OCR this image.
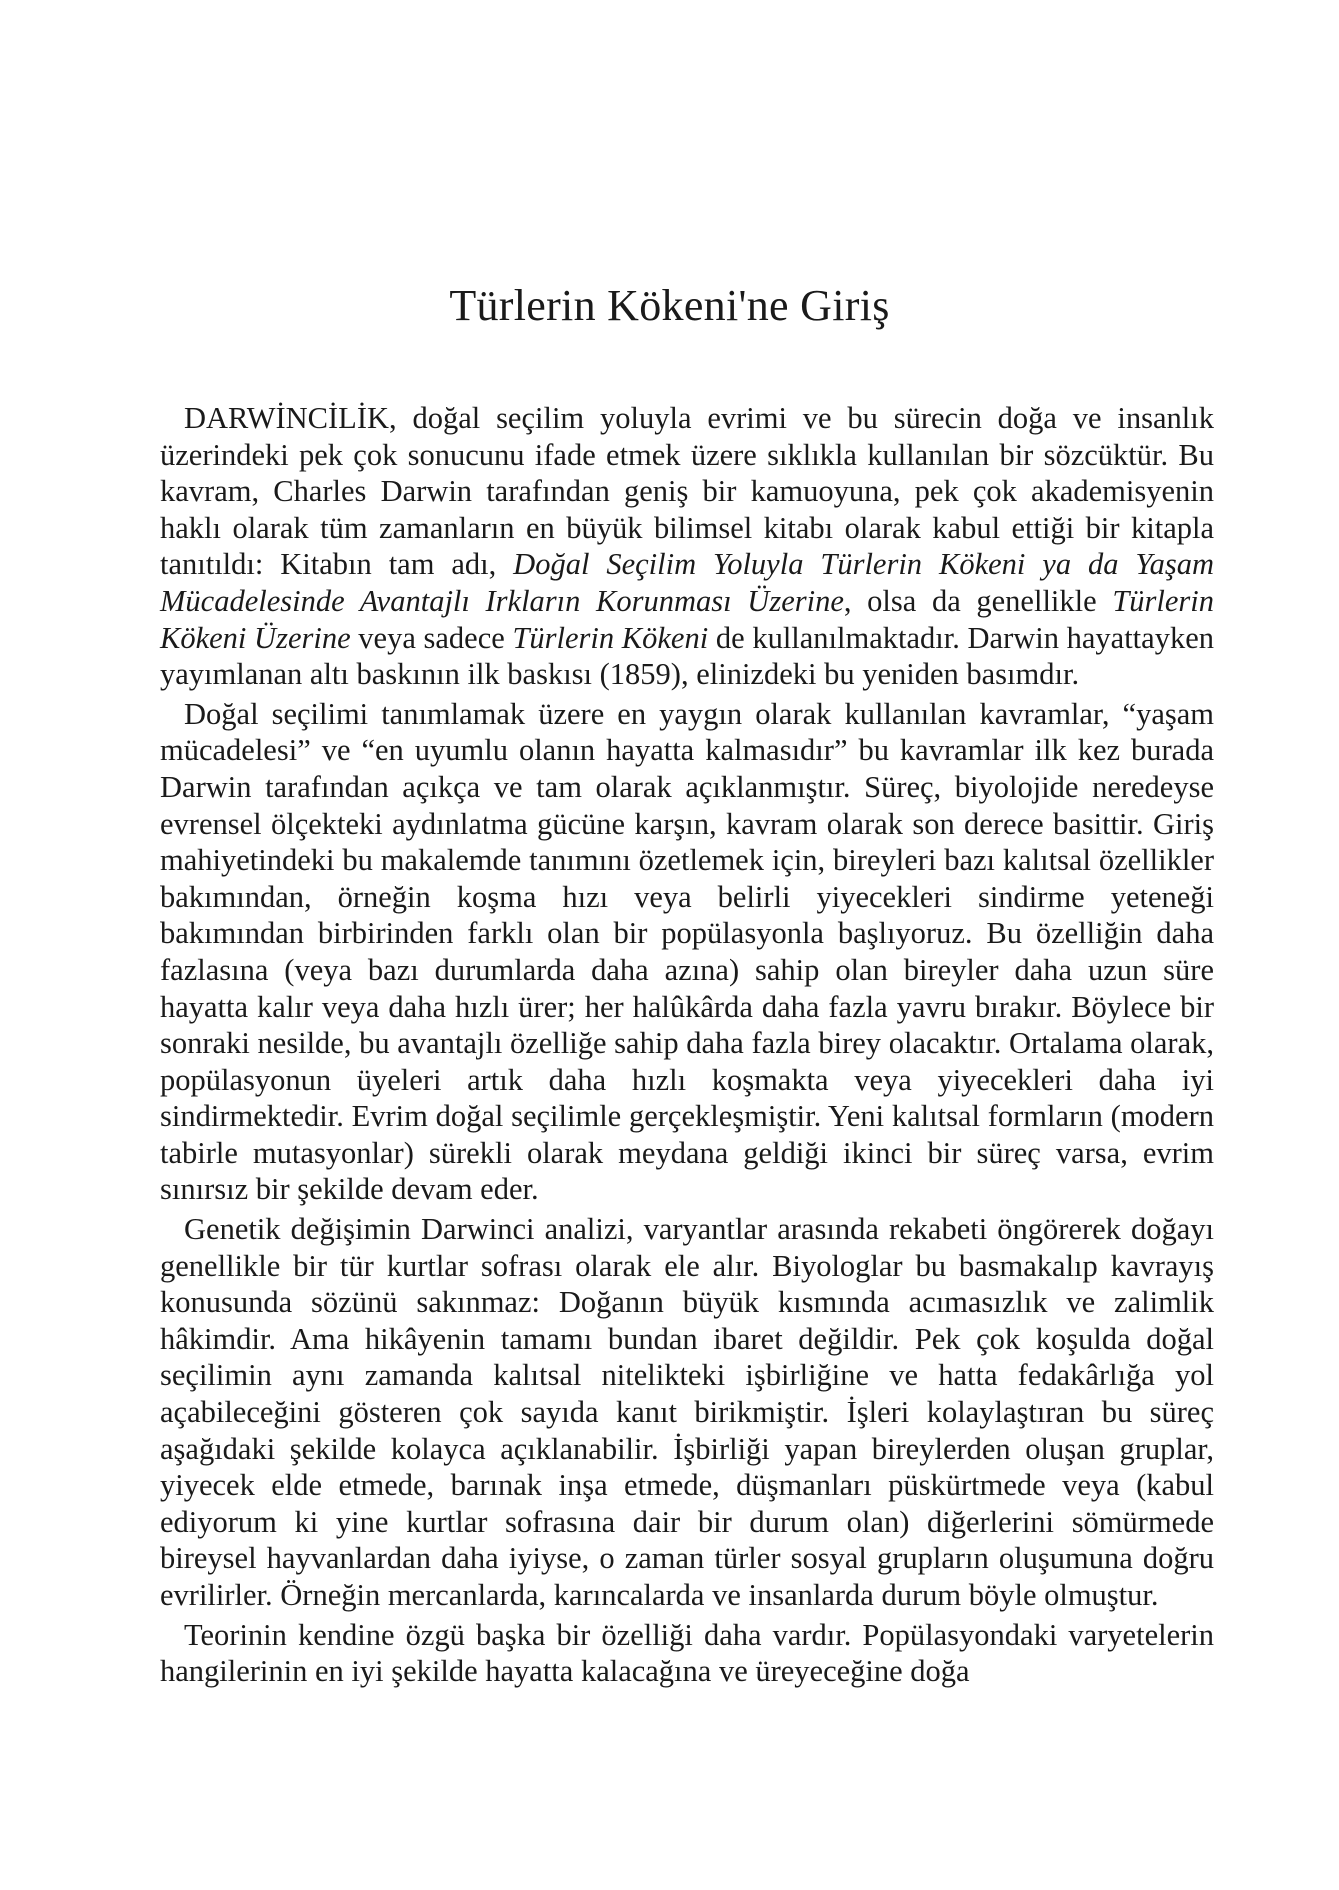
Türlerin Kökeni'ne Giriş

DARWİNCİLİK, doğal seçilim yoluyla evrimi ve bu sürecin doğa ve insanlık üzerindeki pek çok sonucunu ifade etmek üzere sıklıkla kullanılan bir sözcüktür. Bu kavram, Charles Darwin tarafından geniş bir kamuoyuna, pek çok akademisyenin haklı olarak tüm zamanların en büyük bilimsel kitabı olarak kabul ettiği bir kitapla tanıtıldı: Kitabın tam adı, Doğal Seçilim Yoluyla Türlerin Kökeni ya da Yaşam Mücadelesinde Avantajlı Irkların Korunması Üzerine, olsa da genellikle Türlerin Kökeni Üzerine veya sadece Türlerin Kökeni de kullanılmaktadır. Darwin hayattayken yayımlanan altı baskının ilk baskısı (1859), elinizdeki bu yeniden basımdır.

Doğal seçilimi tanımlamak üzere en yaygın olarak kullanılan kavramlar, “yaşam mücadelesi” ve “en uyumlu olanın hayatta kalmasıdır” bu kavramlar ilk kez burada Darwin tarafından açıkça ve tam olarak açıklanmıştır. Süreç, biyolojide neredeyse evrensel ölçekteki aydınlatma gücüne karşın, kavram olarak son derece basittir. Giriş mahiyetindeki bu makalemde tanımını özetlemek için, bireyleri bazı kalıtsal özellikler bakımından, örneğin koşma hızı veya belirli yiyecekleri sindirme yeteneği bakımından birbirinden farklı olan bir popülasyonla başlıyoruz. Bu özelliğin daha fazlasına (veya bazı durumlarda daha azına) sahip olan bireyler daha uzun süre hayatta kalır veya daha hızlı ürer; her halûkârda daha fazla yavru bırakır. Böylece bir sonraki nesilde, bu avantajlı özelliğe sahip daha fazla birey olacaktır. Ortalama olarak, popülasyonun üyeleri artık daha hızlı koşmakta veya yiyecekleri daha iyi sindirmektedir. Evrim doğal seçilimle gerçekleşmiştir. Yeni kalıtsal formların (modern tabirle mutasyonlar) sürekli olarak meydana geldiği ikinci bir süreç varsa, evrim sınırsız bir şekilde devam eder.

Genetik değişimin Darwinci analizi, varyantlar arasında rekabeti öngörerek doğayı genellikle bir tür kurtlar sofrası olarak ele alır. Biyologlar bu basmakalıp kavrayış konusunda sözünü sakınmaz: Doğanın büyük kısmında acımasızlık ve zalimlik hâkimdir. Ama hikâyenin tamamı bundan ibaret değildir. Pek çok koşulda doğal seçilimin aynı zamanda kalıtsal nitelikteki işbirliğine ve hatta fedakârlığa yol açabileceğini gösteren çok sayıda kanıt birikmiştir. İşleri kolaylaştıran bu süreç aşağıdaki şekilde kolayca açıklanabilir. İşbirliği yapan bireylerden oluşan gruplar, yiyecek elde etmede, barınak inşa etmede, düşmanları püskürtmede veya (kabul ediyorum ki yine kurtlar sofrasına dair bir durum olan) diğerlerini sömürmede bireysel hayvanlardan daha iyiyse, o zaman türler sosyal grupların oluşumuna doğru evrilirler. Örneğin mercanlarda, karıncalarda ve insanlarda durum böyle olmuştur.

Teorinin kendine özgü başka bir özelliği daha vardır. Popülasyondaki varyetelerin hangilerinin en iyi şekilde hayatta kalacağına ve üreyeceğine doğa
